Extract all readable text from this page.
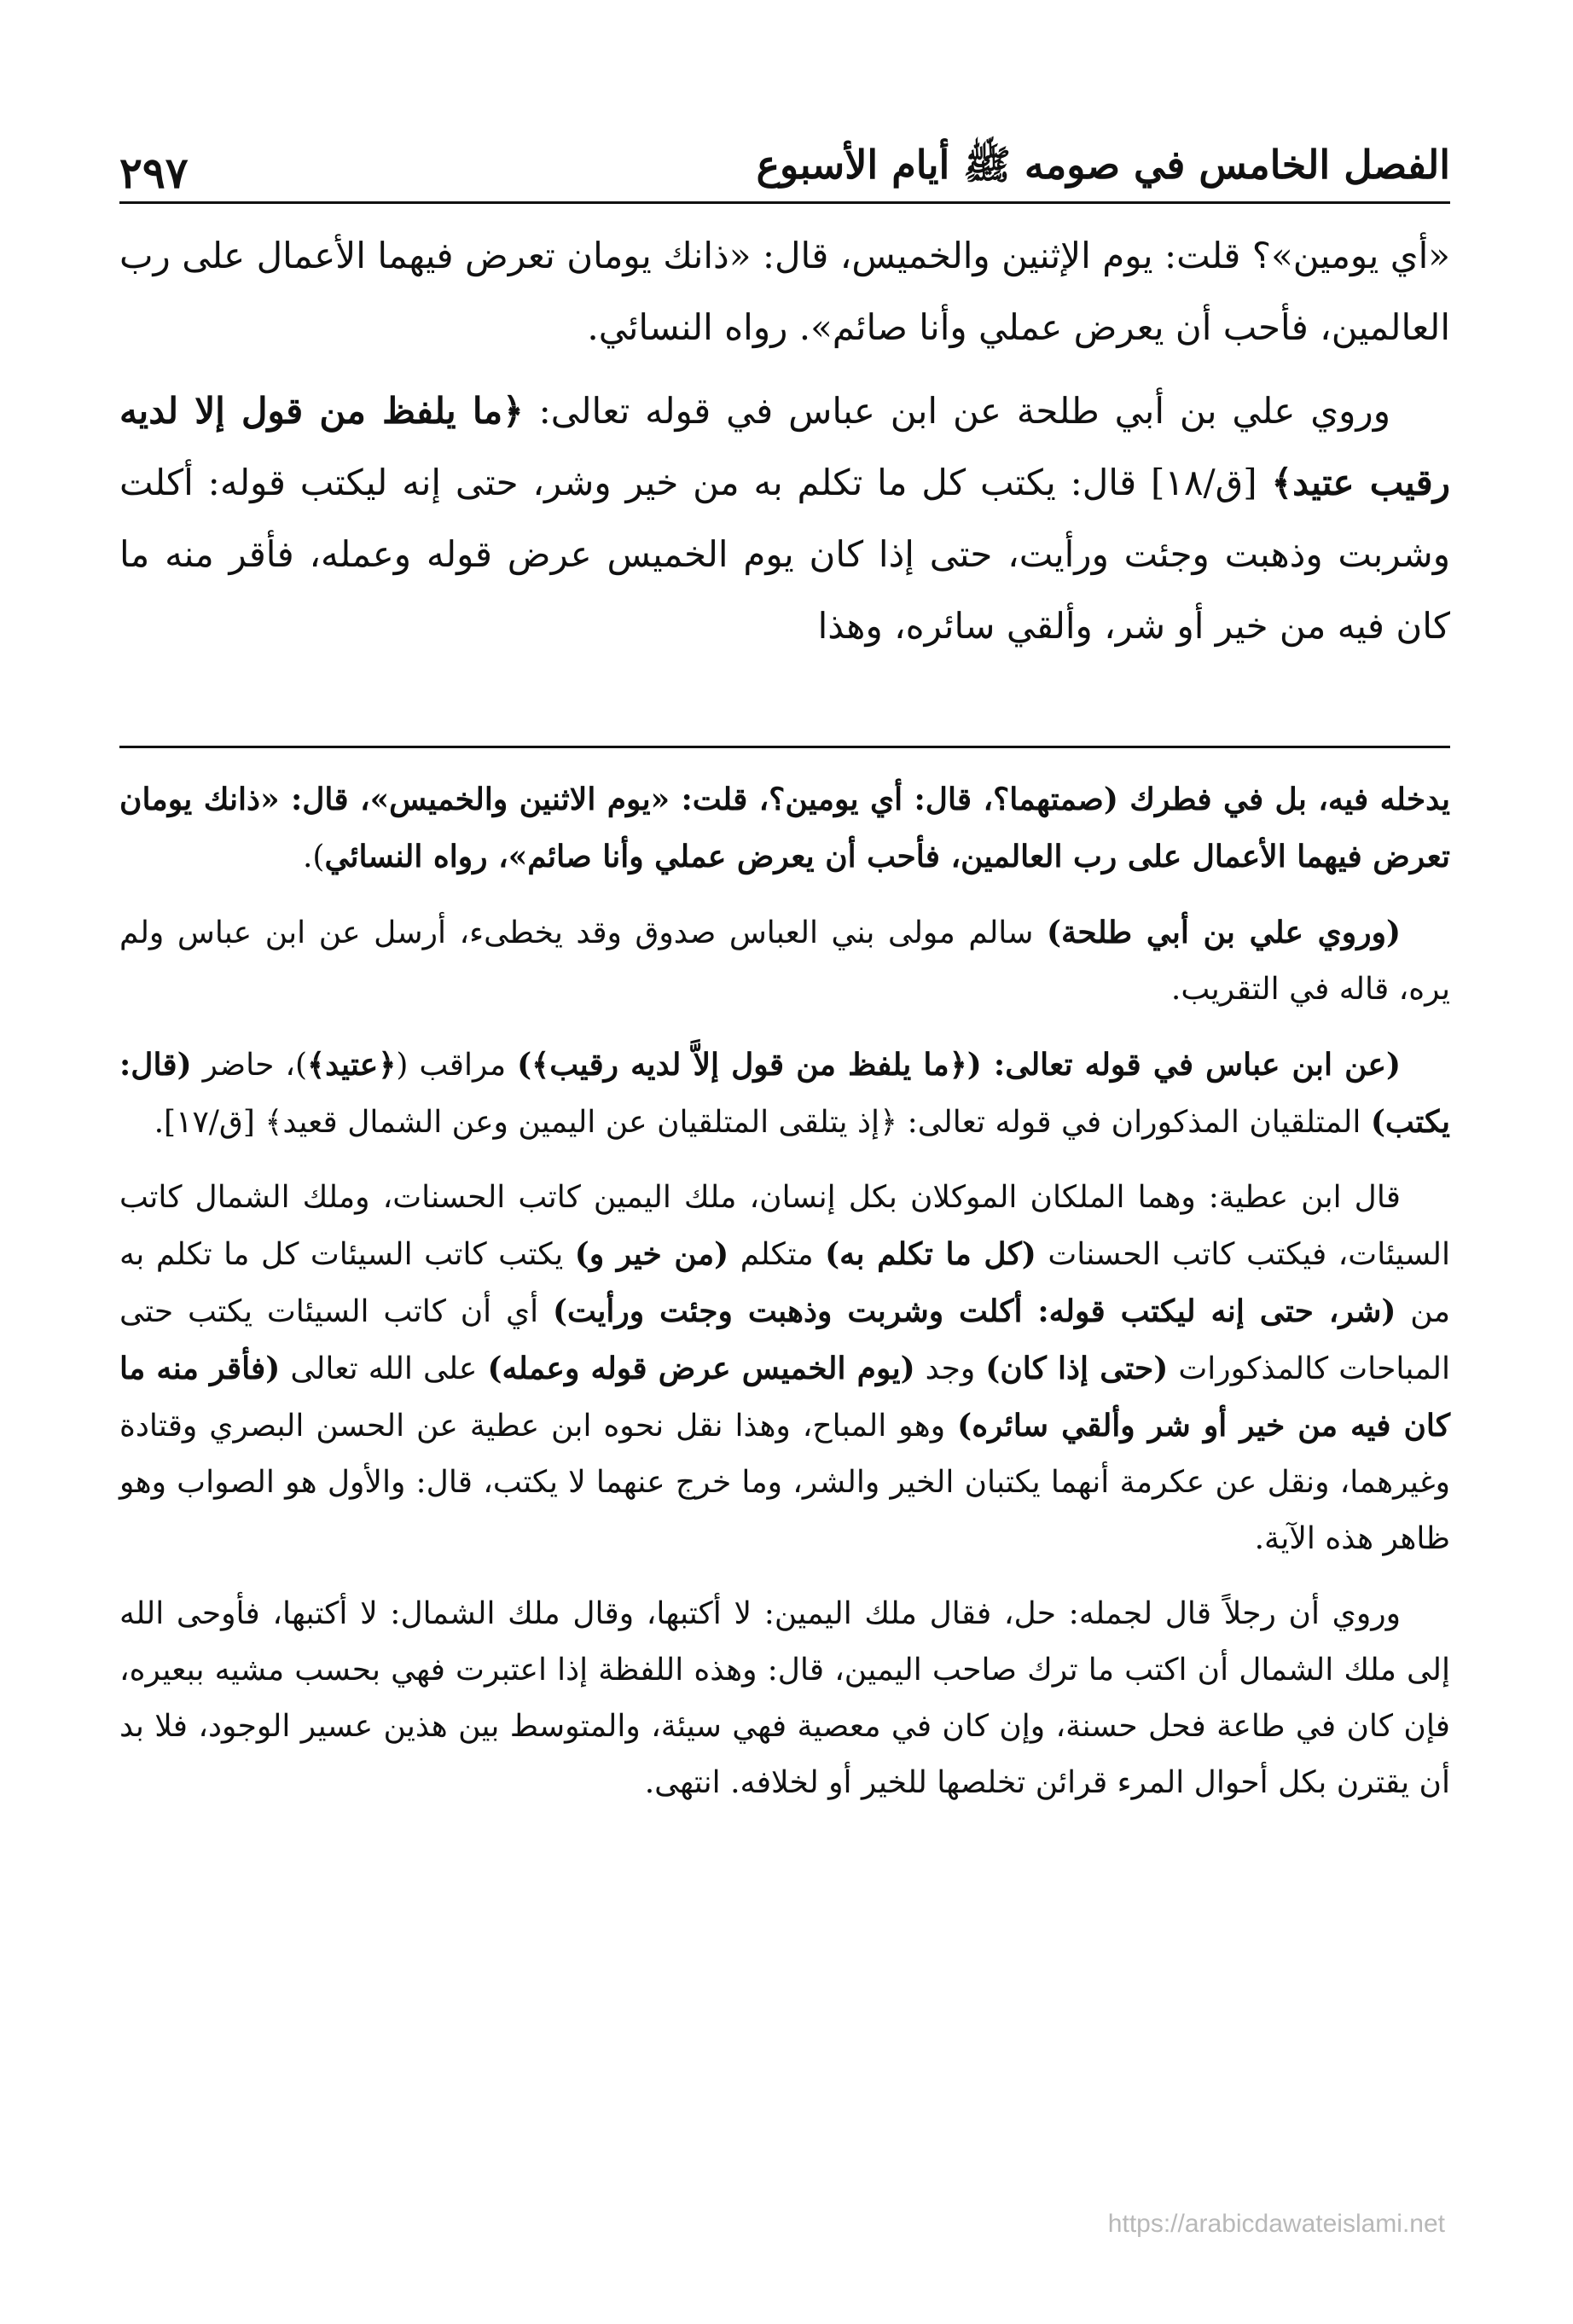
الفصل الخامس في صومه ﷺ أيام الأسبوع
٢٩٧

«أي يومين»؟ قلت: يوم الإثنين والخميس، قال: «ذانك يومان تعرض فيهما الأعمال على رب العالمين، فأحب أن يعرض عملي وأنا صائم». رواه النسائي.

وروي علي بن أبي طلحة عن ابن عباس في قوله تعالى: ﴿ما يلفظ من قول إلا لديه رقيب عتيد﴾ [ق/١٨] قال: يكتب كل ما تكلم به من خير وشر، حتى إنه ليكتب قوله: أكلت وشربت وذهبت وجئت ورأيت، حتى إذا كان يوم الخميس عرض قوله وعمله، فأقر منه ما كان فيه من خير أو شر، وألقي سائره، وهذا

يدخله فيه، بل في فطرك (صمتهما؟، قال: أي يومين؟، قلت: «يوم الاثنين والخميس»، قال: «ذانك يومان تعرض فيهما الأعمال على رب العالمين، فأحب أن يعرض عملي وأنا صائم»، رواه النسائي).

(وروي علي بن أبي طلحة) سالم مولى بني العباس صدوق وقد يخطىء، أرسل عن ابن عباس ولم يره، قاله في التقريب.

(عن ابن عباس في قوله تعالى: (﴿ما يلفظ من قول إلاَّ لديه رقيب﴾) مراقب (﴿عتيد﴾)، حاضر (قال: يكتب) المتلقيان المذكوران في قوله تعالى: ﴿إذ يتلقى المتلقيان عن اليمين وعن الشمال قعيد﴾ [ق/١٧].

قال ابن عطية: وهما الملكان الموكلان بكل إنسان، ملك اليمين كاتب الحسنات، وملك الشمال كاتب السيئات، فيكتب كاتب الحسنات (كل ما تكلم به) متكلم (من خير و) يكتب كاتب السيئات كل ما تكلم به من (شر، حتى إنه ليكتب قوله: أكلت وشربت وذهبت وجئت ورأيت) أي أن كاتب السيئات يكتب حتى المباحات كالمذكورات (حتى إذا كان) وجد (يوم الخميس عرض قوله وعمله) على الله تعالى (فأقر منه ما كان فيه من خير أو شر وألقي سائره) وهو المباح، وهذا نقل نحوه ابن عطية عن الحسن البصري وقتادة وغيرهما، ونقل عن عكرمة أنهما يكتبان الخير والشر، وما خرج عنهما لا يكتب، قال: والأول هو الصواب وهو ظاهر هذه الآية.

وروي أن رجلاً قال لجمله: حل، فقال ملك اليمين: لا أكتبها، وقال ملك الشمال: لا أكتبها، فأوحى الله إلى ملك الشمال أن اكتب ما ترك صاحب اليمين، قال: وهذه اللفظة إذا اعتبرت فهي بحسب مشيه ببعيره، فإن كان في طاعة فحل حسنة، وإن كان في معصية فهي سيئة، والمتوسط بين هذين عسير الوجود، فلا بد أن يقترن بكل أحوال المرء قرائن تخلصها للخير أو لخلافه. انتهى.

https://arabicdawateislami.net
